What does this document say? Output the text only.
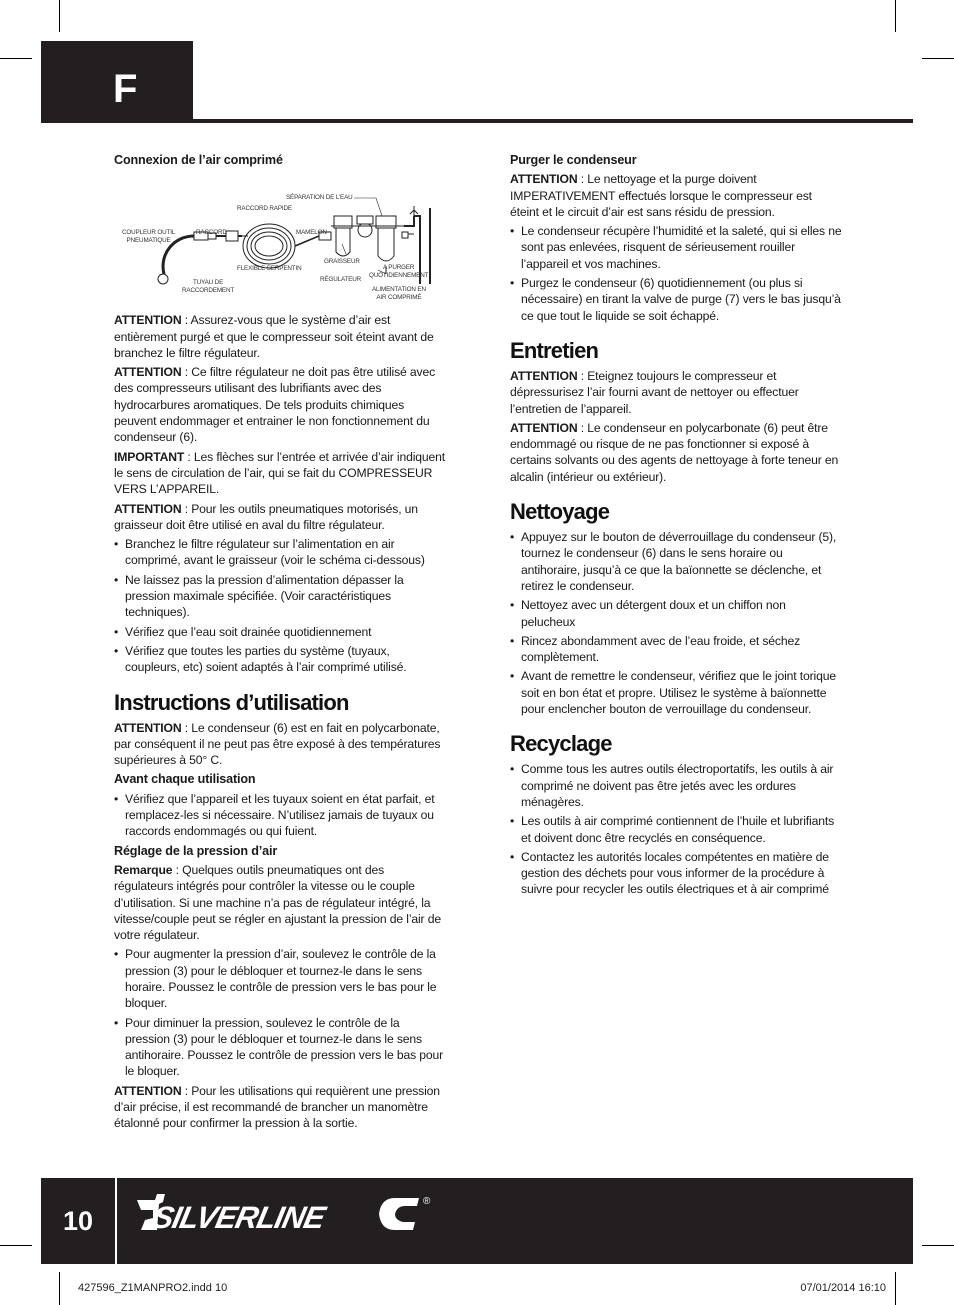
F
Connexion de l’air comprimé
SÉPARATION DE L’EAU
RACCORD RAPIDE
COUPLEUR OUTIL
PNEUMATIQUE
RACCORD	MAMELON
GRAISSEUR
A PURGER
QUOTIDIENNEMENT
FLEXIBLE SERPENTIN
RÉGULATEUR
TUYAU DE
RACCORDEMENT	ALIMENTATION EN
AIR COMPRIMÉ

ATTENTION : Assurez-vous que le système d’air est entièrement purgé et que le compresseur soit éteint avant de branchez le filtre régulateur.

ATTENTION : Ce filtre régulateur ne doit pas être utilisé avec des compresseurs utilisant des lubrifiants avec des hydrocarbures aromatiques. De tels produits chimiques peuvent endommager et entrainer le non fonctionnement du condenseur (6).

IMPORTANT : Les flèches sur l’entrée et arrivée d’air indiquent le sens de circulation de l’air, qui se fait du COMPRESSEUR VERS L’APPAREIL.

ATTENTION : Pour les outils pneumatiques motorisés, un graisseur doit être utilisé en aval du filtre régulateur.

• Branchez le filtre régulateur sur l’alimentation en air comprimé, avant le graisseur (voir le schéma ci-dessous)
• Ne laissez pas la pression d’alimentation dépasser la pression maximale spécifiée. (Voir caractéristiques techniques).
• Vérifiez que l’eau soit drainée quotidiennement
• Vérifiez que toutes les parties du système (tuyaux, coupleurs, etc) soient adaptés à l’air comprimé utilisé.
Instructions d’utilisation

ATTENTION : Le condenseur (6) est en fait en polycarbonate, par conséquent il ne peut pas être exposé à des températures supérieures à 50° C.

Avant chaque utilisation
• Vérifiez que l’appareil et les tuyaux soient en état parfait, et remplacez-les si nécessaire. N’utilisez jamais de tuyaux ou raccords endommagés ou qui fuient.
Réglage de la pression d’air

Remarque : Quelques outils pneumatiques ont des régulateurs intégrés pour contrôler la vitesse ou le couple d’utilisation. Si une machine n’a pas de régulateur intégré, la vitesse/couple peut se régler en ajustant la pression de l’air de votre régulateur.

• Pour augmenter la pression d’air, soulevez le contrôle de la pression (3) pour le débloquer et tournez-le dans le sens horaire. Poussez le contrôle de pression vers le bas pour le bloquer.
• Pour diminuer la pression, soulevez le contrôle de la pression (3) pour le débloquer et tournez-le dans le sens antihoraire. Poussez le contrôle de pression vers le bas pour le bloquer.

ATTENTION : Pour les utilisations qui requièrent une pression d’air précise, il est recommandé de brancher un manomètre étalonné pour confirmer la pression à la sortie.

Purger le condenseur

ATTENTION : Le nettoyage et la purge doivent IMPERATIVEMENT effectués lorsque le compresseur est éteint et le circuit d’air est sans résidu de pression.

• Le condenseur récupère l’humidité et la saleté, qui si elles ne sont pas enlevées, risquent de sérieusement rouiller l’appareil et vos machines.
• Purgez le condenseur (6) quotidiennement (ou plus si nécessaire) en tirant la valve de purge (7) vers le bas jusqu’à ce que tout le liquide se soit échappé.
Entretien

ATTENTION : Eteignez toujours le compresseur et dépressurisez l’air fourni avant de nettoyer ou effectuer l’entretien de l’appareil.

ATTENTION : Le condenseur en polycarbonate (6) peut être endommagé ou risque de ne pas fonctionner si exposé à certains solvants ou des agents de nettoyage à forte teneur en alcalin (intérieur ou extérieur).

Nettoyage
• Appuyez sur le bouton de déverrouillage du condenseur (5), tournez le condenseur (6) dans le sens horaire ou antihoraire, jusqu’à ce que la baïonnette se déclenche, et retirez le condenseur.
• Nettoyez avec un détergent doux et un chiffon non pelucheux
• Rincez abondamment avec de l’eau froide, et séchez complètement.
• Avant de remettre le condenseur, vérifiez que le joint torique soit en bon état et propre. Utilisez le système à baïonnette pour enclencher bouton de verrouillage du condenseur.
Recyclage
• Comme tous les autres outils électroportatifs, les outils à air comprimé ne doivent pas être jetés avec les ordures ménagères.
• Les outils à air comprimé contiennent de l’huile et lubrifiants et doivent donc être recyclés en conséquence.
• Contactez les autorités locales compétentes en matière de gestion des déchets pour vous informer de la procédure à suivre pour recycler les outils électriques et à air comprimé
10	SILVERLINE	®
427596_Z1MANPRO2.indd 10	07/01/2014 16:10
